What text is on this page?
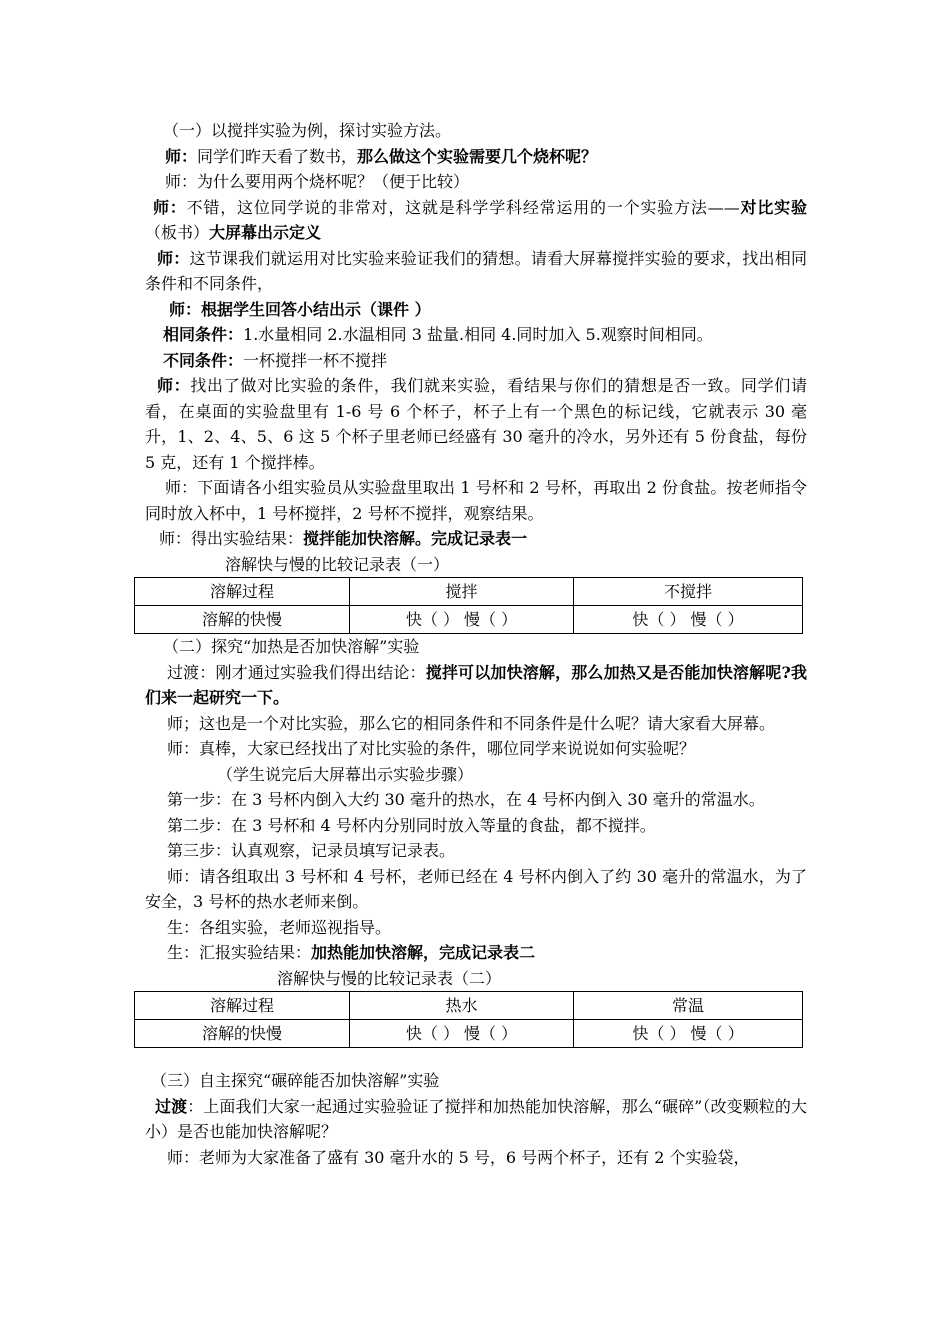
（一）以搅拌实验为例，探讨实验方法。

师：同学们昨天看了数书，那么做这个实验需要几个烧杯呢？

师：为什么要用两个烧杯呢？（便于比较）

师：不错，这位同学说的非常对，这就是科学学科经常运用的一个实验方法——对比实验 （板书）大屏幕出示定义

师：这节课我们就运用对比实验来验证我们的猜想。请看大屏幕搅拌实验的要求，找出相同条件和不同条件，

师：根据学生回答小结出示（课件 ）

相同条件：1.水量相同 2.水温相同 3 盐量.相同 4.同时加入 5.观察时间相同。

不同条件：一杯搅拌一杯不搅拌

师：找出了做对比实验的条件，我们就来实验，看结果与你们的猜想是否一致。同学们请看，在桌面的实验盘里有 1-6 号 6 个杯子，杯子上有一个黑色的标记线，它就表示 30 毫升，1、2、4、5、6 这 5 个杯子里老师已经盛有 30 毫升的冷水，另外还有 5 份食盐，每份 5 克，还有 1 个搅拌棒。

师：下面请各小组实验员从实验盘里取出 1 号杯和 2 号杯，再取出 2 份食盐。按老师指令同时放入杯中，1 号杯搅拌，2 号杯不搅拌，观察结果。

师：得出实验结果：搅拌能加快溶解。完成记录表一

溶解快与慢的比较记录表（一）

溶解过程	搅拌	不搅拌
溶解的快慢	快（ ） 慢（ ）	快（ ） 慢（ ）

（二）探究“加热是否加快溶解”实验

过渡：刚才通过实验我们得出结论：搅拌可以加快溶解，那么加热又是否能加快溶解呢?我们来一起研究一下。

师；这也是一个对比实验，那么它的相同条件和不同条件是什么呢？请大家看大屏幕。

师：真棒，大家已经找出了对比实验的条件，哪位同学来说说如何实验呢？

（学生说完后大屏幕出示实验步骤）

第一步：在 3 号杯内倒入大约 30 毫升的热水，在 4 号杯内倒入 30 毫升的常温水。

第二步：在 3 号杯和 4 号杯内分别同时放入等量的食盐，都不搅拌。

第三步：认真观察，记录员填写记录表。

师：请各组取出 3 号杯和 4 号杯，老师已经在 4 号杯内倒入了约 30 毫升的常温水，为了安全，3 号杯的热水老师来倒。

生：各组实验，老师巡视指导。

生：汇报实验结果：加热能加快溶解，完成记录表二

溶解快与慢的比较记录表（二）

溶解过程	热水	常温
溶解的快慢	快（ ） 慢（ ）	快（ ） 慢（ ）

（三）自主探究“碾碎能否加快溶解”实验

过渡：上面我们大家一起通过实验验证了搅拌和加热能加快溶解，那么“碾碎”（改变颗粒的大小）是否也能加快溶解呢？

师：老师为大家准备了盛有 30 毫升水的 5 号，6 号两个杯子，还有 2 个实验袋，
